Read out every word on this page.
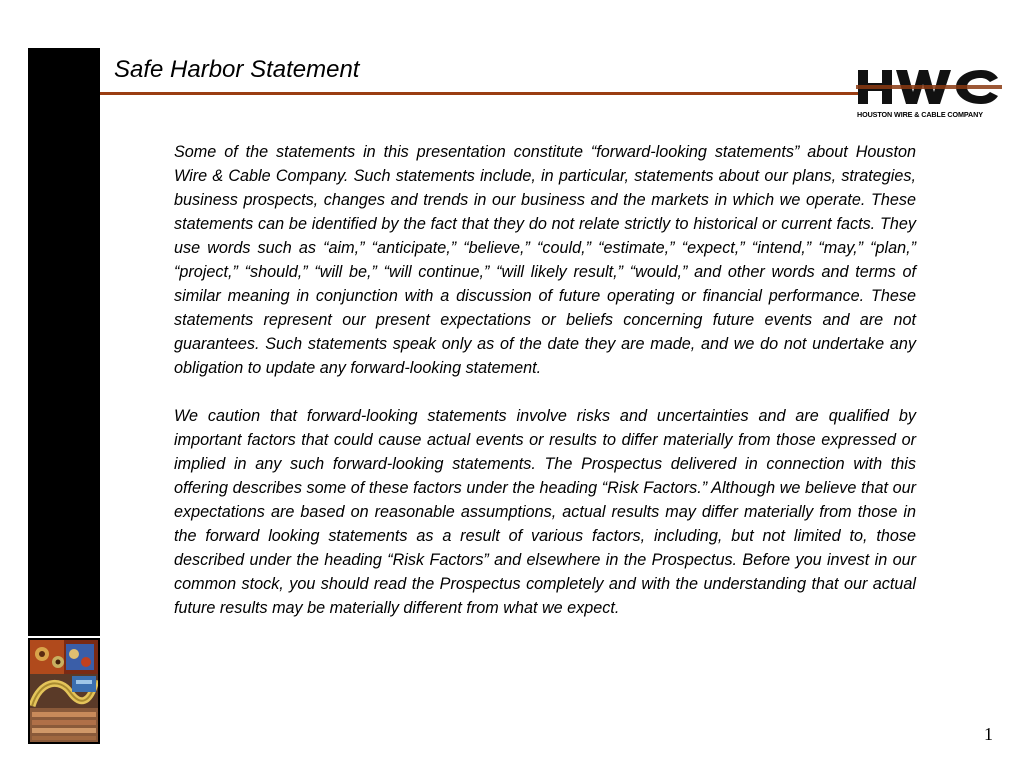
Safe Harbor Statement
HOUSTON WIRE & CABLE COMPANY

Some of the statements in this presentation constitute “forward-looking statements” about Houston Wire & Cable Company. Such statements include, in particular, statements about our plans, strategies, business prospects, changes and trends in our business and the markets in which we operate. These statements can be identified by the fact that they do not relate strictly to historical or current facts. They use words such as “aim,” “anticipate,” “believe,” “could,” “estimate,” “expect,” “intend,” “may,” “plan,” “project,” “should,” “will be,” “will continue,” “will likely result,” “would,” and other words and terms of similar meaning in conjunction with a discussion of future operating or financial performance. These statements represent our present expectations or beliefs concerning future events and are not guarantees. Such statements speak only as of the date they are made, and we do not undertake any obligation to update any forward-looking statement.

We caution that forward-looking statements involve risks and uncertainties and are qualified by important factors that could cause actual events or results to differ materially from those expressed or implied in any such forward-looking statements. The Prospectus delivered in connection with this offering describes some of these factors under the heading “Risk Factors.” Although we believe that our expectations are based on reasonable assumptions, actual results may differ materially from those in the forward looking statements as a result of various factors, including, but not limited to, those described under the heading “Risk Factors” and elsewhere in the Prospectus. Before you invest in our common stock, you should read the Prospectus completely and with the understanding that our actual future results may be materially different from what we expect.

1
